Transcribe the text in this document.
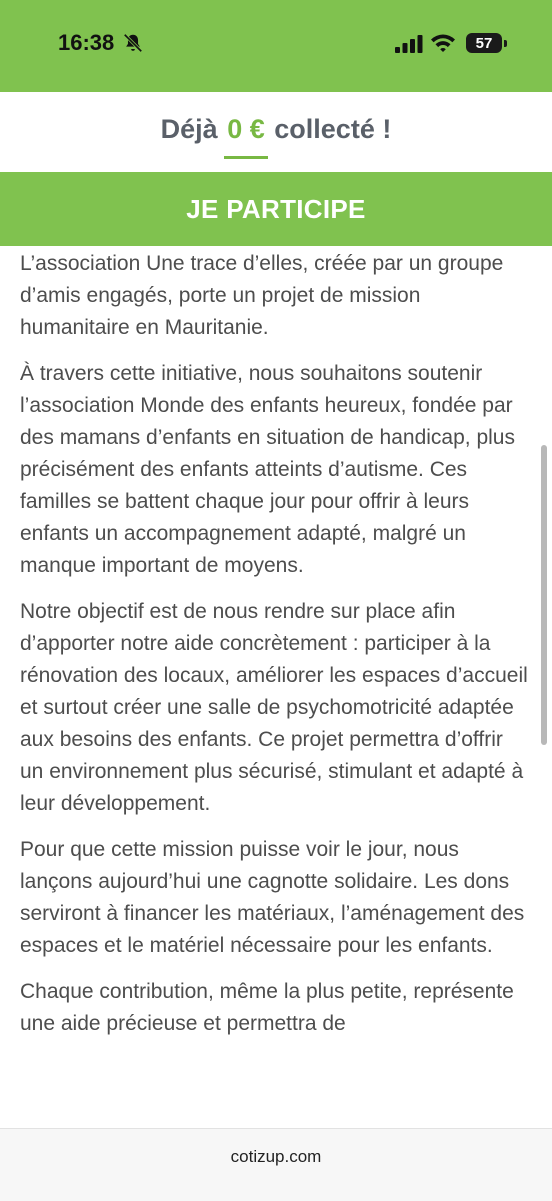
16:38	57
Déjà 0 € collecté !
JE PARTICIPE

L’association Une trace d’elles, créée par un groupe d’amis engagés, porte un projet de mission humanitaire en Mauritanie.

À travers cette initiative, nous souhaitons soutenir l’association Monde des enfants heureux, fondée par des mamans d’enfants en situation de handicap, plus précisément des enfants atteints d’autisme. Ces familles se battent chaque jour pour offrir à leurs enfants un accompagnement adapté, malgré un manque important de moyens.

Notre objectif est de nous rendre sur place afin d’apporter notre aide concrètement : participer à la rénovation des locaux, améliorer les espaces d’accueil et surtout créer une salle de psychomotricité adaptée aux besoins des enfants. Ce projet permettra d’offrir un environnement plus sécurisé, stimulant et adapté à leur développement.

Pour que cette mission puisse voir le jour, nous lançons aujourd’hui une cagnotte solidaire. Les dons serviront à financer les matériaux, l’aménagement des espaces et le matériel nécessaire pour les enfants.

Chaque contribution, même la plus petite, représente une aide précieuse et permettra de

cotizup.com
